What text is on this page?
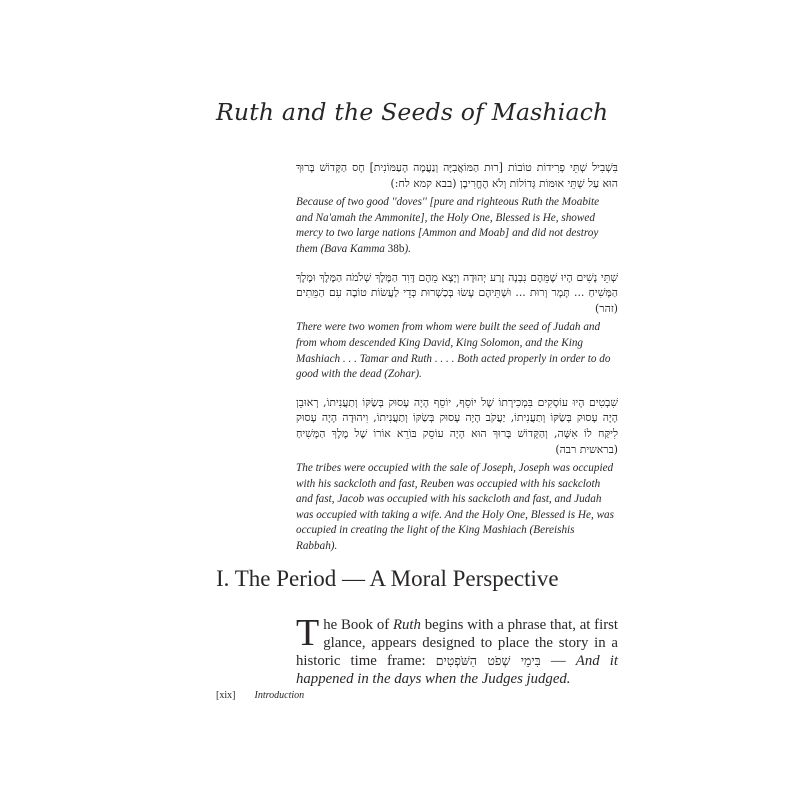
Ruth and the Seeds of Mashiach
בִּשְׁבִיל שְׁתֵּי פְרִידוֹת טוֹבוֹת [רוּת הַמּוֹאֲבִיָּה וְנַעֲמָה הָעַמּוֹנִית] חָס הַקָּדוֹשׁ בָּרוּךְ הוּא עַל שְׁתֵּי אוּמּוֹת גְּדוֹלוֹת וְלֹא הֶחֱרִיבָן (בבא קמא לח:)
Because of two good ''doves'' [pure and righteous Ruth the Moabite and Na'amah the Ammonite], the Holy One, Blessed is He, showed mercy to two large nations [Ammon and Moab] and did not destroy them (Bava Kamma 38b).
שְׁתֵּי נָשִׁים הָיוּ שֶׁמֵּהֶם נִבְנָה זֶרַע יְהוּדָה וְיָצָא מֵהֶם דָּוִד הַמֶּלֶךְ שְׁלֹמֹה הַמֶּלֶךְ וּמֶלֶךְ הַמָּשִׁיחַ ... תָּמָר וְרוּת ... וּשְׁתֵּיהֶם עָשׂוּ בְּכַשְׁרוּת כְּדֵי לַעֲשׂוֹת טוֹבָה עִם הַמֵּתִים (זהר)
There were two women from whom were built the seed of Judah and from whom descended King David, King Solomon, and the King Mashiach . . . Tamar and Ruth . . . . Both acted properly in order to do good with the dead (Zohar).
שִׁבְטִים הָיוּ עוֹסְקִים בִּמְכִירָתוֹ שֶׁל יוֹסֵף, יוֹסֵף הָיָה עָסוּק בְּשַׂקּוֹ וְתַעֲנִיתוֹ, רְאוּבֵן הָיָה עָסוּק בְּשַׂקּוֹ וְתַעֲנִיתוֹ, יַעֲקֹב הָיָה עָסוּק בְּשַׂקּוֹ וְתַעֲנִיתוֹ, וִיהוּדָה הָיָה עָסוּק לִיקַּח לוֹ אִשָּׁה, וְהַקָּדוֹשׁ בָּרוּךְ הוּא הָיָה עוֹסֵק בּוֹרֵא אוֹרוֹ שֶׁל מֶלֶךְ הַמָּשִׁיחַ (בראשית רבה)
The tribes were occupied with the sale of Joseph, Joseph was occupied with his sackcloth and fast, Reuben was occupied with his sackcloth and fast, Jacob was occupied with his sackcloth and fast, and Judah was occupied with taking a wife. And the Holy One, Blessed is He, was occupied in creating the light of the King Mashiach (Bereishis Rabbah).
I. The Period — A Moral Perspective
The Book of Ruth begins with a phrase that, at first glance, appears designed to place the story in a historic time frame: בִּימֵי שְׁפֹט הַשֹּׁפְטִים — And it happened in the days when the Judges judged.
[xix] Introduction
